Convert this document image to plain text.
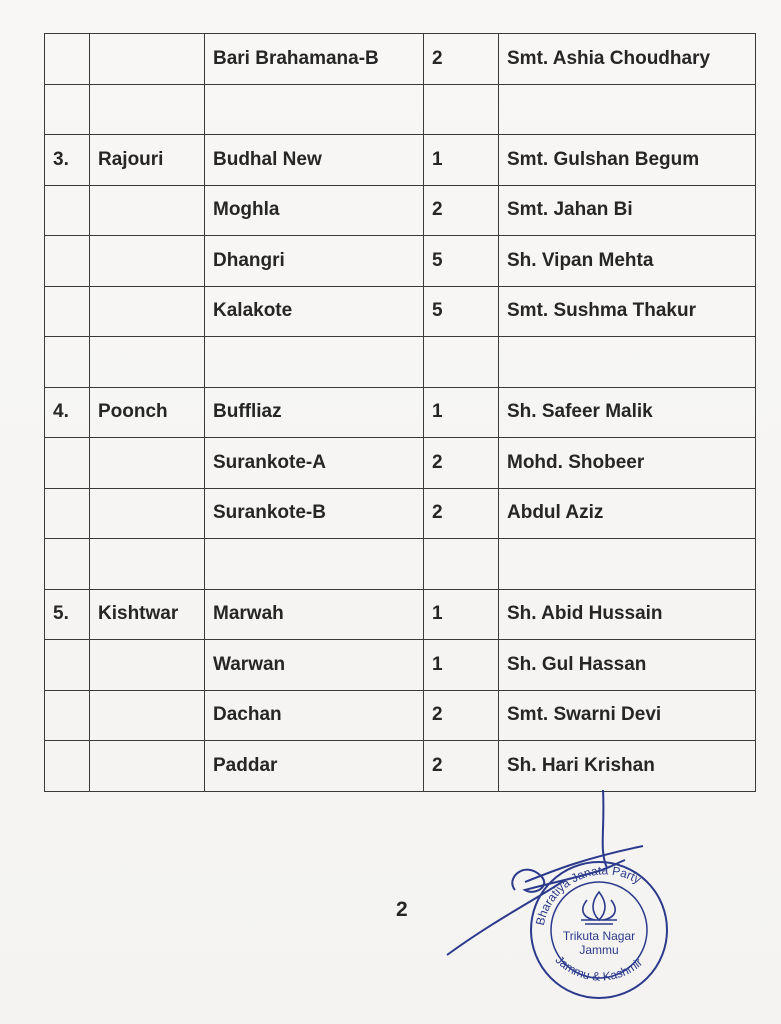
		Bari Brahamana-B	2	Smt. Ashia Choudhary

3.	Rajouri	Budhal New	1	Smt. Gulshan Begum
		Moghla	2	Smt. Jahan Bi
		Dhangri	5	Sh. Vipan Mehta
		Kalakote	5	Smt. Sushma Thakur

4.	Poonch	Buffliaz	1	Sh. Safeer Malik
		Surankote-A	2	Mohd. Shobeer
		Surankote-B	2	Abdul Aziz

5.	Kishtwar	Marwah	1	Sh. Abid Hussain
		Warwan	1	Sh. Gul Hassan
		Dachan	2	Smt. Swarni Devi
		Paddar	2	Sh. Hari Krishan
2
Bharatiya Janata Party
Jammu & Kashmir
Trikuta Nagar
Jammu
